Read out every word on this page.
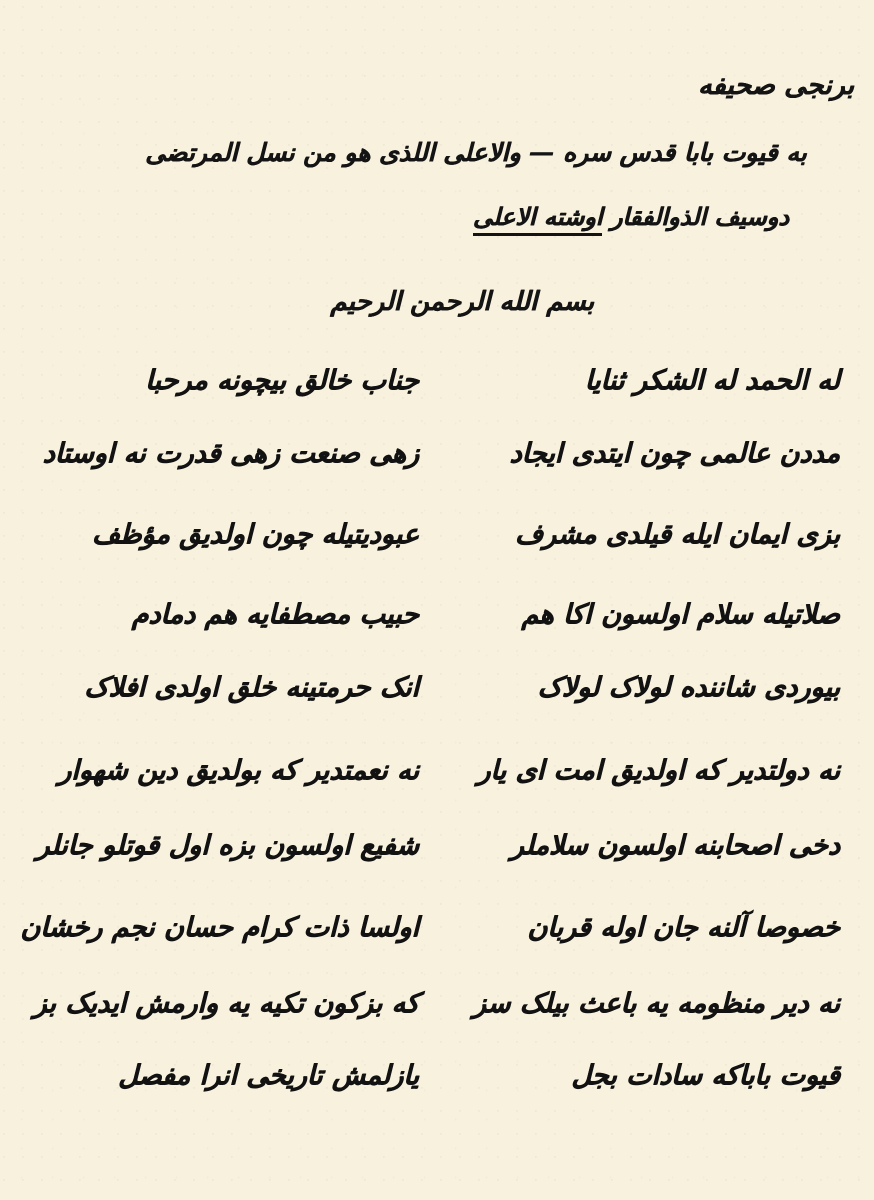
برنجی صحیفه
به قیوت بابا قدس سره — والاعلی اللذی هو من نسل المرتضی
دوسیف الذوالفقار اوشته الاعلی
بسم الله الرحمن الرحیم
له الحمد له الشکر ثنایا
جناب خالق بیچونه مرحبا
مددن عالمی چون ایتدی ایجاد
زهی صنعت زهی قدرت نه اوستاد
بزی ایمان ایله قیلدی مشرف
عبودیتیله چون اولدیق مؤظف
صلاتیله سلام اولسون اکا هم
حبیب مصطفایه هم دمادم
بیوردی شاننده لولاک لولاک
انک حرمتینه خلق اولدی افلاک
نه دولتدیر که اولدیق امت ای یار
نه نعمتدیر که بولدیق دین شهوار
دخی اصحابنه اولسون سلاملر
شفیع اولسون بزه اول قوتلو جانلر
خصوصا آلنه جان اوله قربان
اولسا ذات کرام حسان نجم رخشان
نه دیر منظومه یه باعث بیلک سز
که بزکون تکیه یه وارمش ایدیک بز
قیوت باباکه سادات بجل
یازلمش تاریخی انرا مفصل
